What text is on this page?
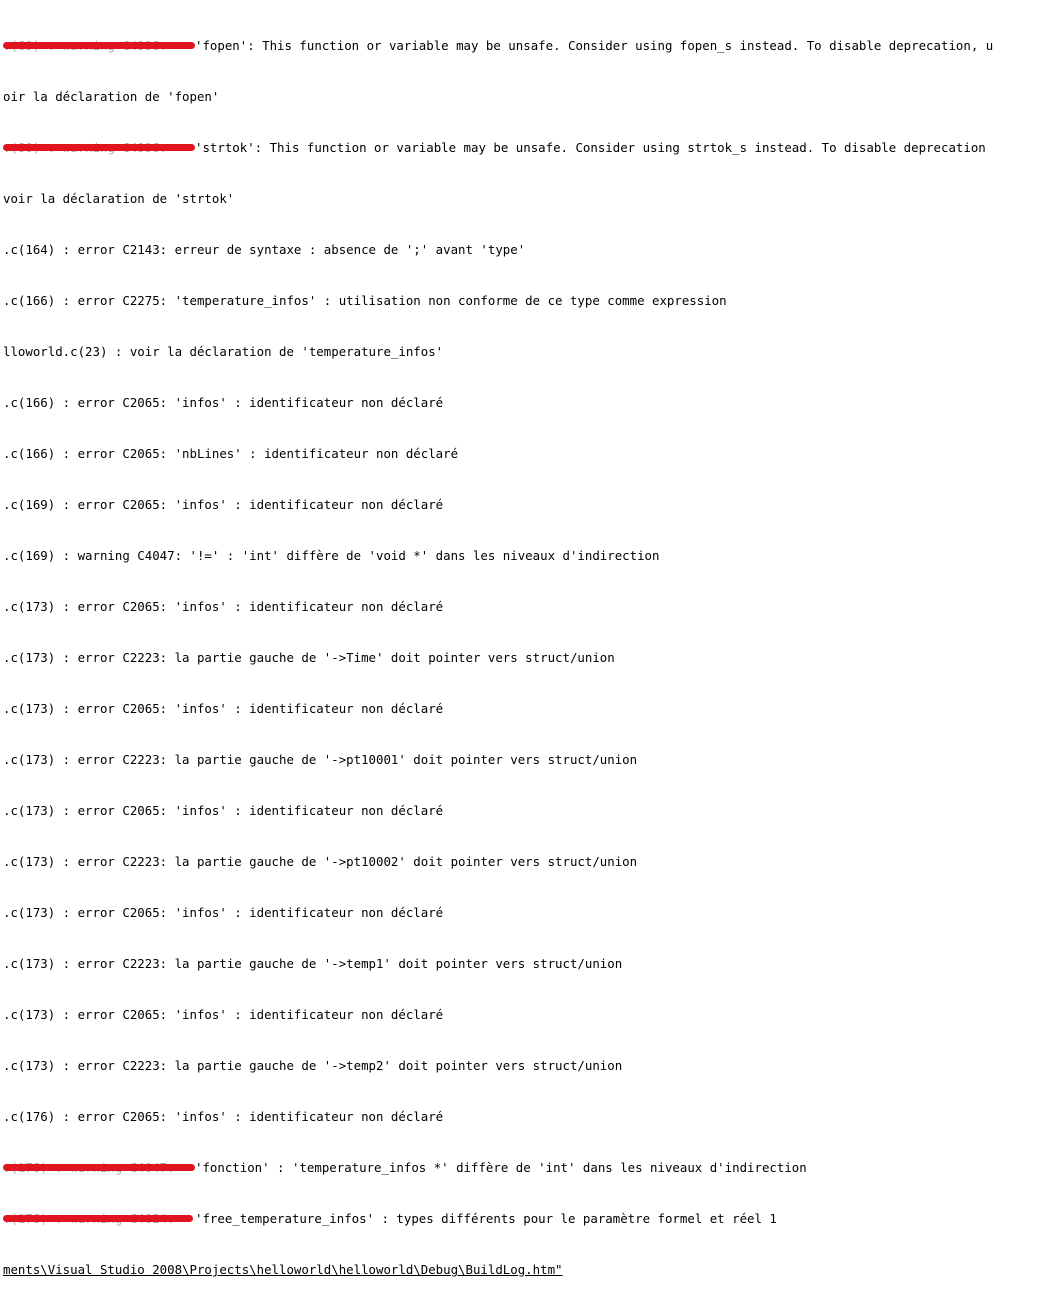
'fopen': This function or variable may be unsafe. Consider using fopen_s instead. To disable deprecation, u

oir la déclaration de 'fopen'

'strtok': This function or variable may be unsafe. Consider using strtok_s instead. To disable deprecation

voir la déclaration de 'strtok'

.c(164) : error C2143: erreur de syntaxe : absence de ';' avant 'type'

.c(166) : error C2275: 'temperature_infos' : utilisation non conforme de ce type comme expression

lloworld.c(23) : voir la déclaration de 'temperature_infos'

.c(166) : error C2065: 'infos' : identificateur non déclaré

.c(166) : error C2065: 'nbLines' : identificateur non déclaré

.c(169) : error C2065: 'infos' : identificateur non déclaré

.c(169) : warning C4047: '!=' : 'int' diffère de 'void *' dans les niveaux d'indirection

.c(173) : error C2065: 'infos' : identificateur non déclaré

.c(173) : error C2223: la partie gauche de '->Time' doit pointer vers struct/union

.c(173) : error C2065: 'infos' : identificateur non déclaré

.c(173) : error C2223: la partie gauche de '->pt10001' doit pointer vers struct/union

.c(173) : error C2065: 'infos' : identificateur non déclaré

.c(173) : error C2223: la partie gauche de '->pt10002' doit pointer vers struct/union

.c(173) : error C2065: 'infos' : identificateur non déclaré

.c(173) : error C2223: la partie gauche de '->temp1' doit pointer vers struct/union

.c(173) : error C2065: 'infos' : identificateur non déclaré

.c(173) : error C2223: la partie gauche de '->temp2' doit pointer vers struct/union

.c(176) : error C2065: 'infos' : identificateur non déclaré

'fonction' : 'temperature_infos *' diffère de 'int' dans les niveaux d'indirection

'free_temperature_infos' : types différents pour le paramètre formel et réel 1

ments\Visual Studio 2008\Projects\helloworld\helloworld\Debug\BuildLog.htm"
